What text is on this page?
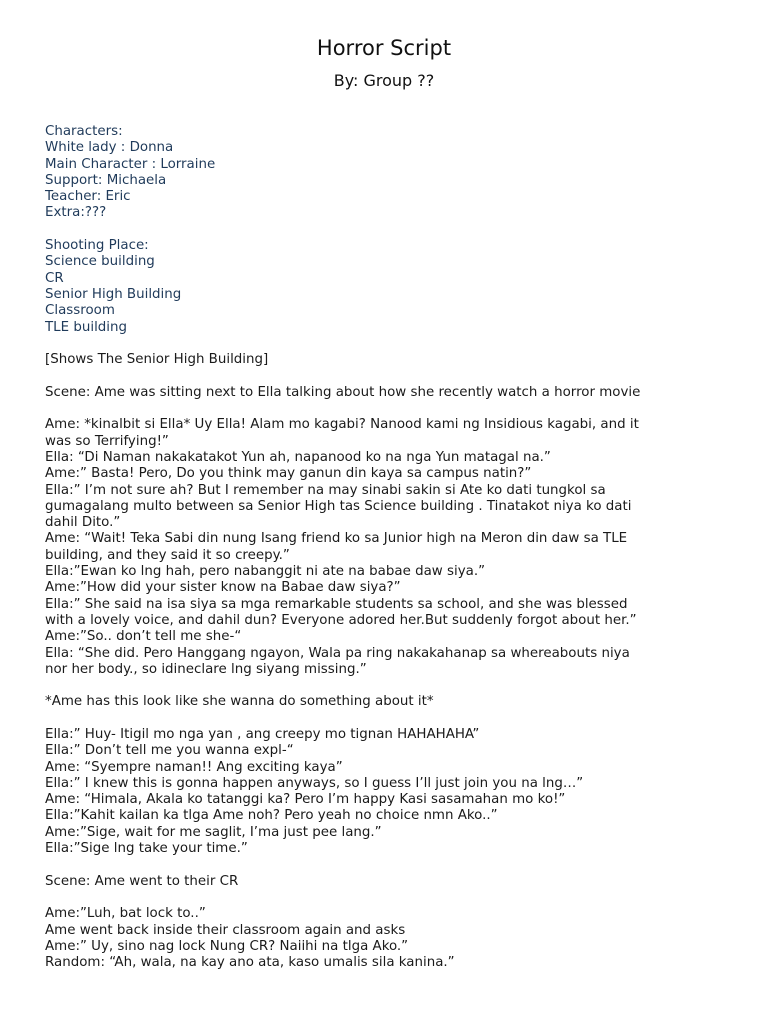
Horror Script
By: Group ??
Characters:
White lady : Donna
Main Character : Lorraine
Support: Michaela
Teacher: Eric
Extra:???
Shooting Place:
Science building
CR
Senior High Building
Classroom
TLE building
[Shows The Senior High Building]
Scene: Ame was sitting next to Ella talking about how she recently watch a horror movie
Ame: *kinalbit si Ella* Uy Ella! Alam mo kagabi? Nanood kami ng Insidious kagabi, and it
was so Terrifying!”
Ella: “Di Naman nakakatakot Yun ah, napanood ko na nga Yun matagal na.”
Ame:” Basta! Pero, Do you think may ganun din kaya sa campus natin?”
Ella:” I’m not sure ah? But I remember na may sinabi sakin si Ate ko dati tungkol sa
gumagalang multo between sa Senior High tas Science building . Tinatakot niya ko dati
dahil Dito.”
Ame: “Wait! Teka Sabi din nung Isang friend ko sa Junior high na Meron din daw sa TLE
building, and they said it so creepy.”
Ella:”Ewan ko lng hah, pero nabanggit ni ate na babae daw siya.”
Ame:”How did your sister know na Babae daw siya?”
Ella:” She said na isa siya sa mga remarkable students sa school, and she was blessed
with a lovely voice, and dahil dun? Everyone adored her.But suddenly forgot about her.”
Ame:”So.. don’t tell me she-“
Ella: “She did. Pero Hanggang ngayon, Wala pa ring nakakahanap sa whereabouts niya
nor her body., so idineclare lng siyang missing.”
*Ame has this look like she wanna do something about it*
Ella:” Huy- Itigil mo nga yan , ang creepy mo tignan HAHAHAHA”
Ella:” Don’t tell me you wanna expl-“
Ame: “Syempre naman!! Ang exciting kaya”
Ella:” I knew this is gonna happen anyways, so I guess I’ll just join you na lng…”
Ame: “Himala, Akala ko tatanggi ka? Pero I’m happy Kasi sasamahan mo ko!”
Ella:”Kahit kailan ka tlga Ame noh? Pero yeah no choice nmn Ako..”
Ame:”Sige, wait for me saglit, I’ma just pee lang.”
Ella:”Sige lng take your time.”
Scene: Ame went to their CR
Ame:”Luh, bat lock to..”
Ame went back inside their classroom again and asks
Ame:” Uy, sino nag lock Nung CR? Naiihi na tlga Ako.”
Random: “Ah, wala, na kay ano ata, kaso umalis sila kanina.”
